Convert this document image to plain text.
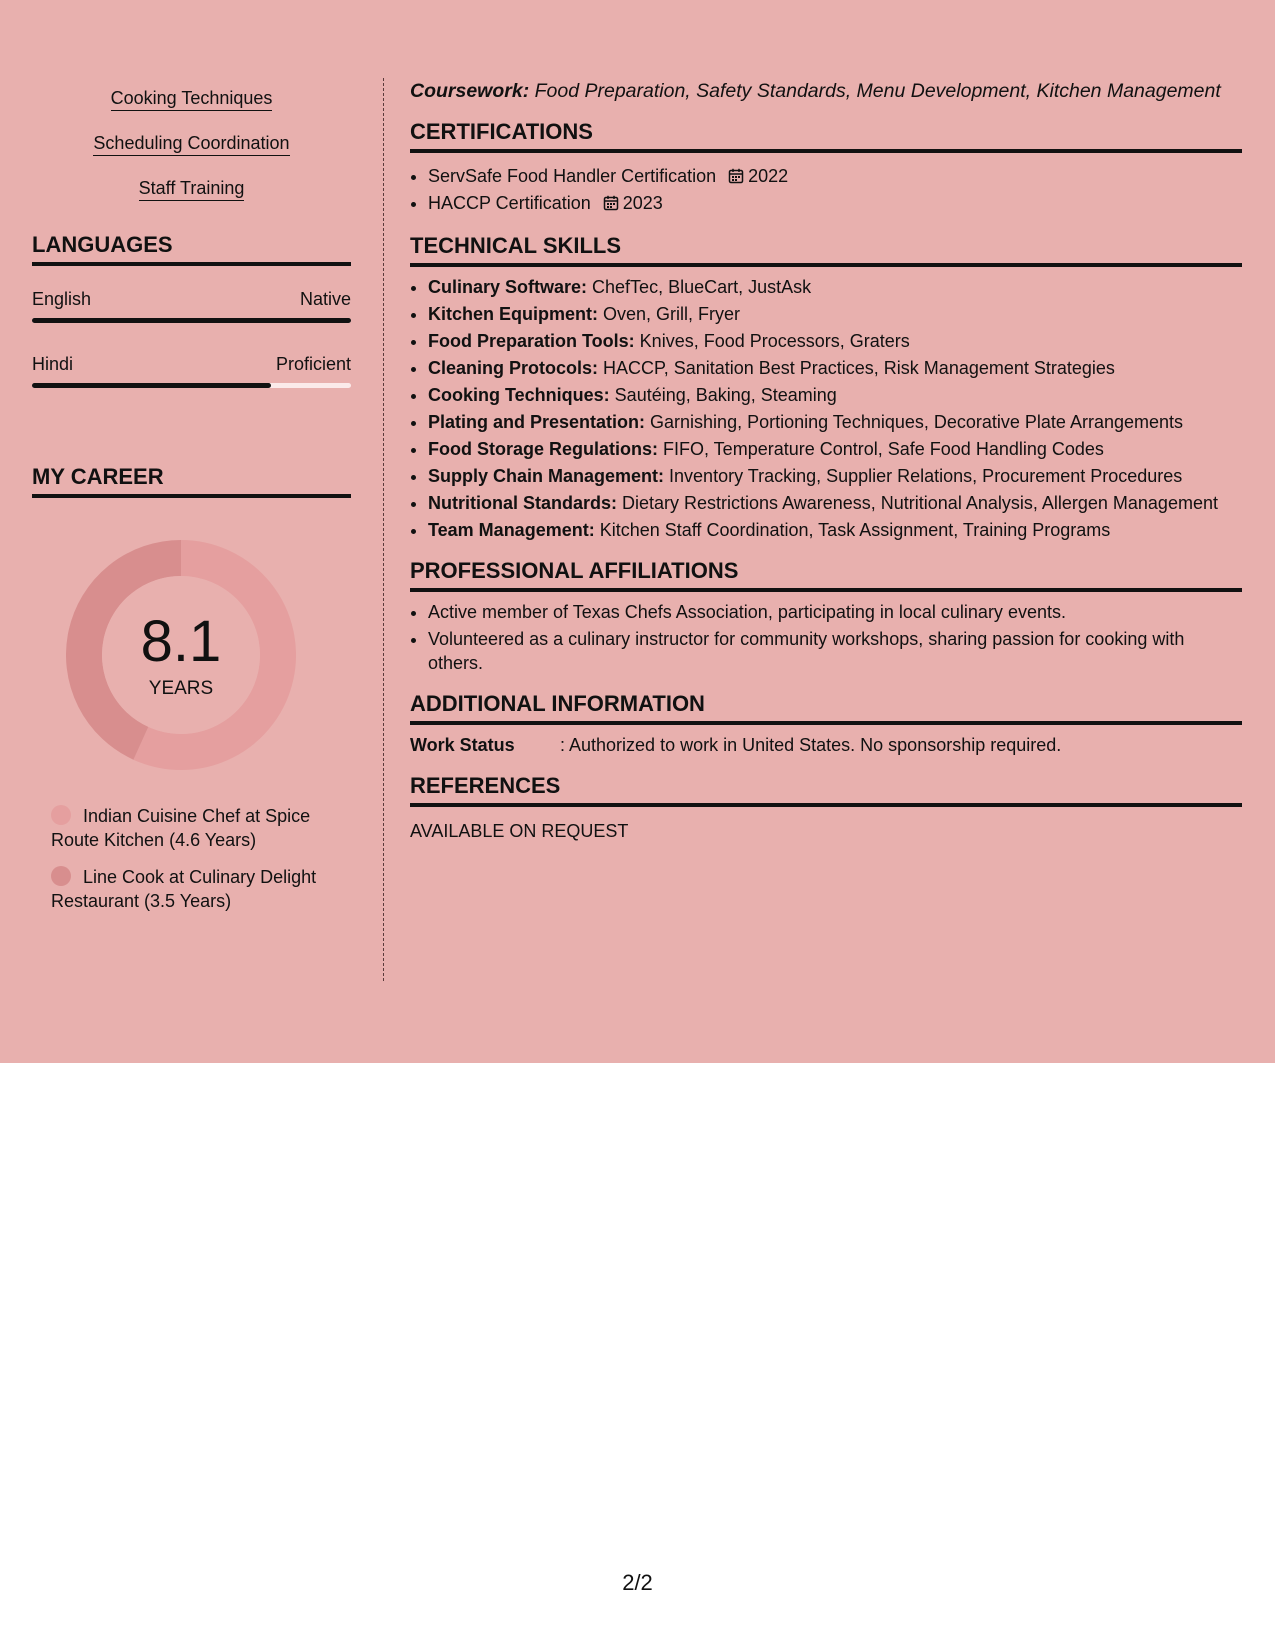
Cooking Techniques
Scheduling Coordination
Staff Training
LANGUAGES
English	Native
Hindi	Proficient
MY CAREER
8.1
YEARS
Indian Cuisine Chef at Spice Route Kitchen (4.6 Years)
Line Cook at Culinary Delight Restaurant (3.5 Years)
Coursework: Food Preparation, Safety Standards, Menu Development, Kitchen Management
CERTIFICATIONS
• ServSafe Food Handler Certification 2022
• HACCP Certification 2023
TECHNICAL SKILLS
• Culinary Software: ChefTec, BlueCart, JustAsk
• Kitchen Equipment: Oven, Grill, Fryer
• Food Preparation Tools: Knives, Food Processors, Graters
• Cleaning Protocols: HACCP, Sanitation Best Practices, Risk Management Strategies
• Cooking Techniques: Sautéing, Baking, Steaming
• Plating and Presentation: Garnishing, Portioning Techniques, Decorative Plate Arrangements
• Food Storage Regulations: FIFO, Temperature Control, Safe Food Handling Codes
• Supply Chain Management: Inventory Tracking, Supplier Relations, Procurement Procedures
• Nutritional Standards: Dietary Restrictions Awareness, Nutritional Analysis, Allergen Management
• Team Management: Kitchen Staff Coordination, Task Assignment, Training Programs
PROFESSIONAL AFFILIATIONS
• Active member of Texas Chefs Association, participating in local culinary events.
• Volunteered as a culinary instructor for community workshops, sharing passion for cooking with others.
ADDITIONAL INFORMATION
Work Status	: Authorized to work in United States. No sponsorship required.
REFERENCES
AVAILABLE ON REQUEST
2/2
